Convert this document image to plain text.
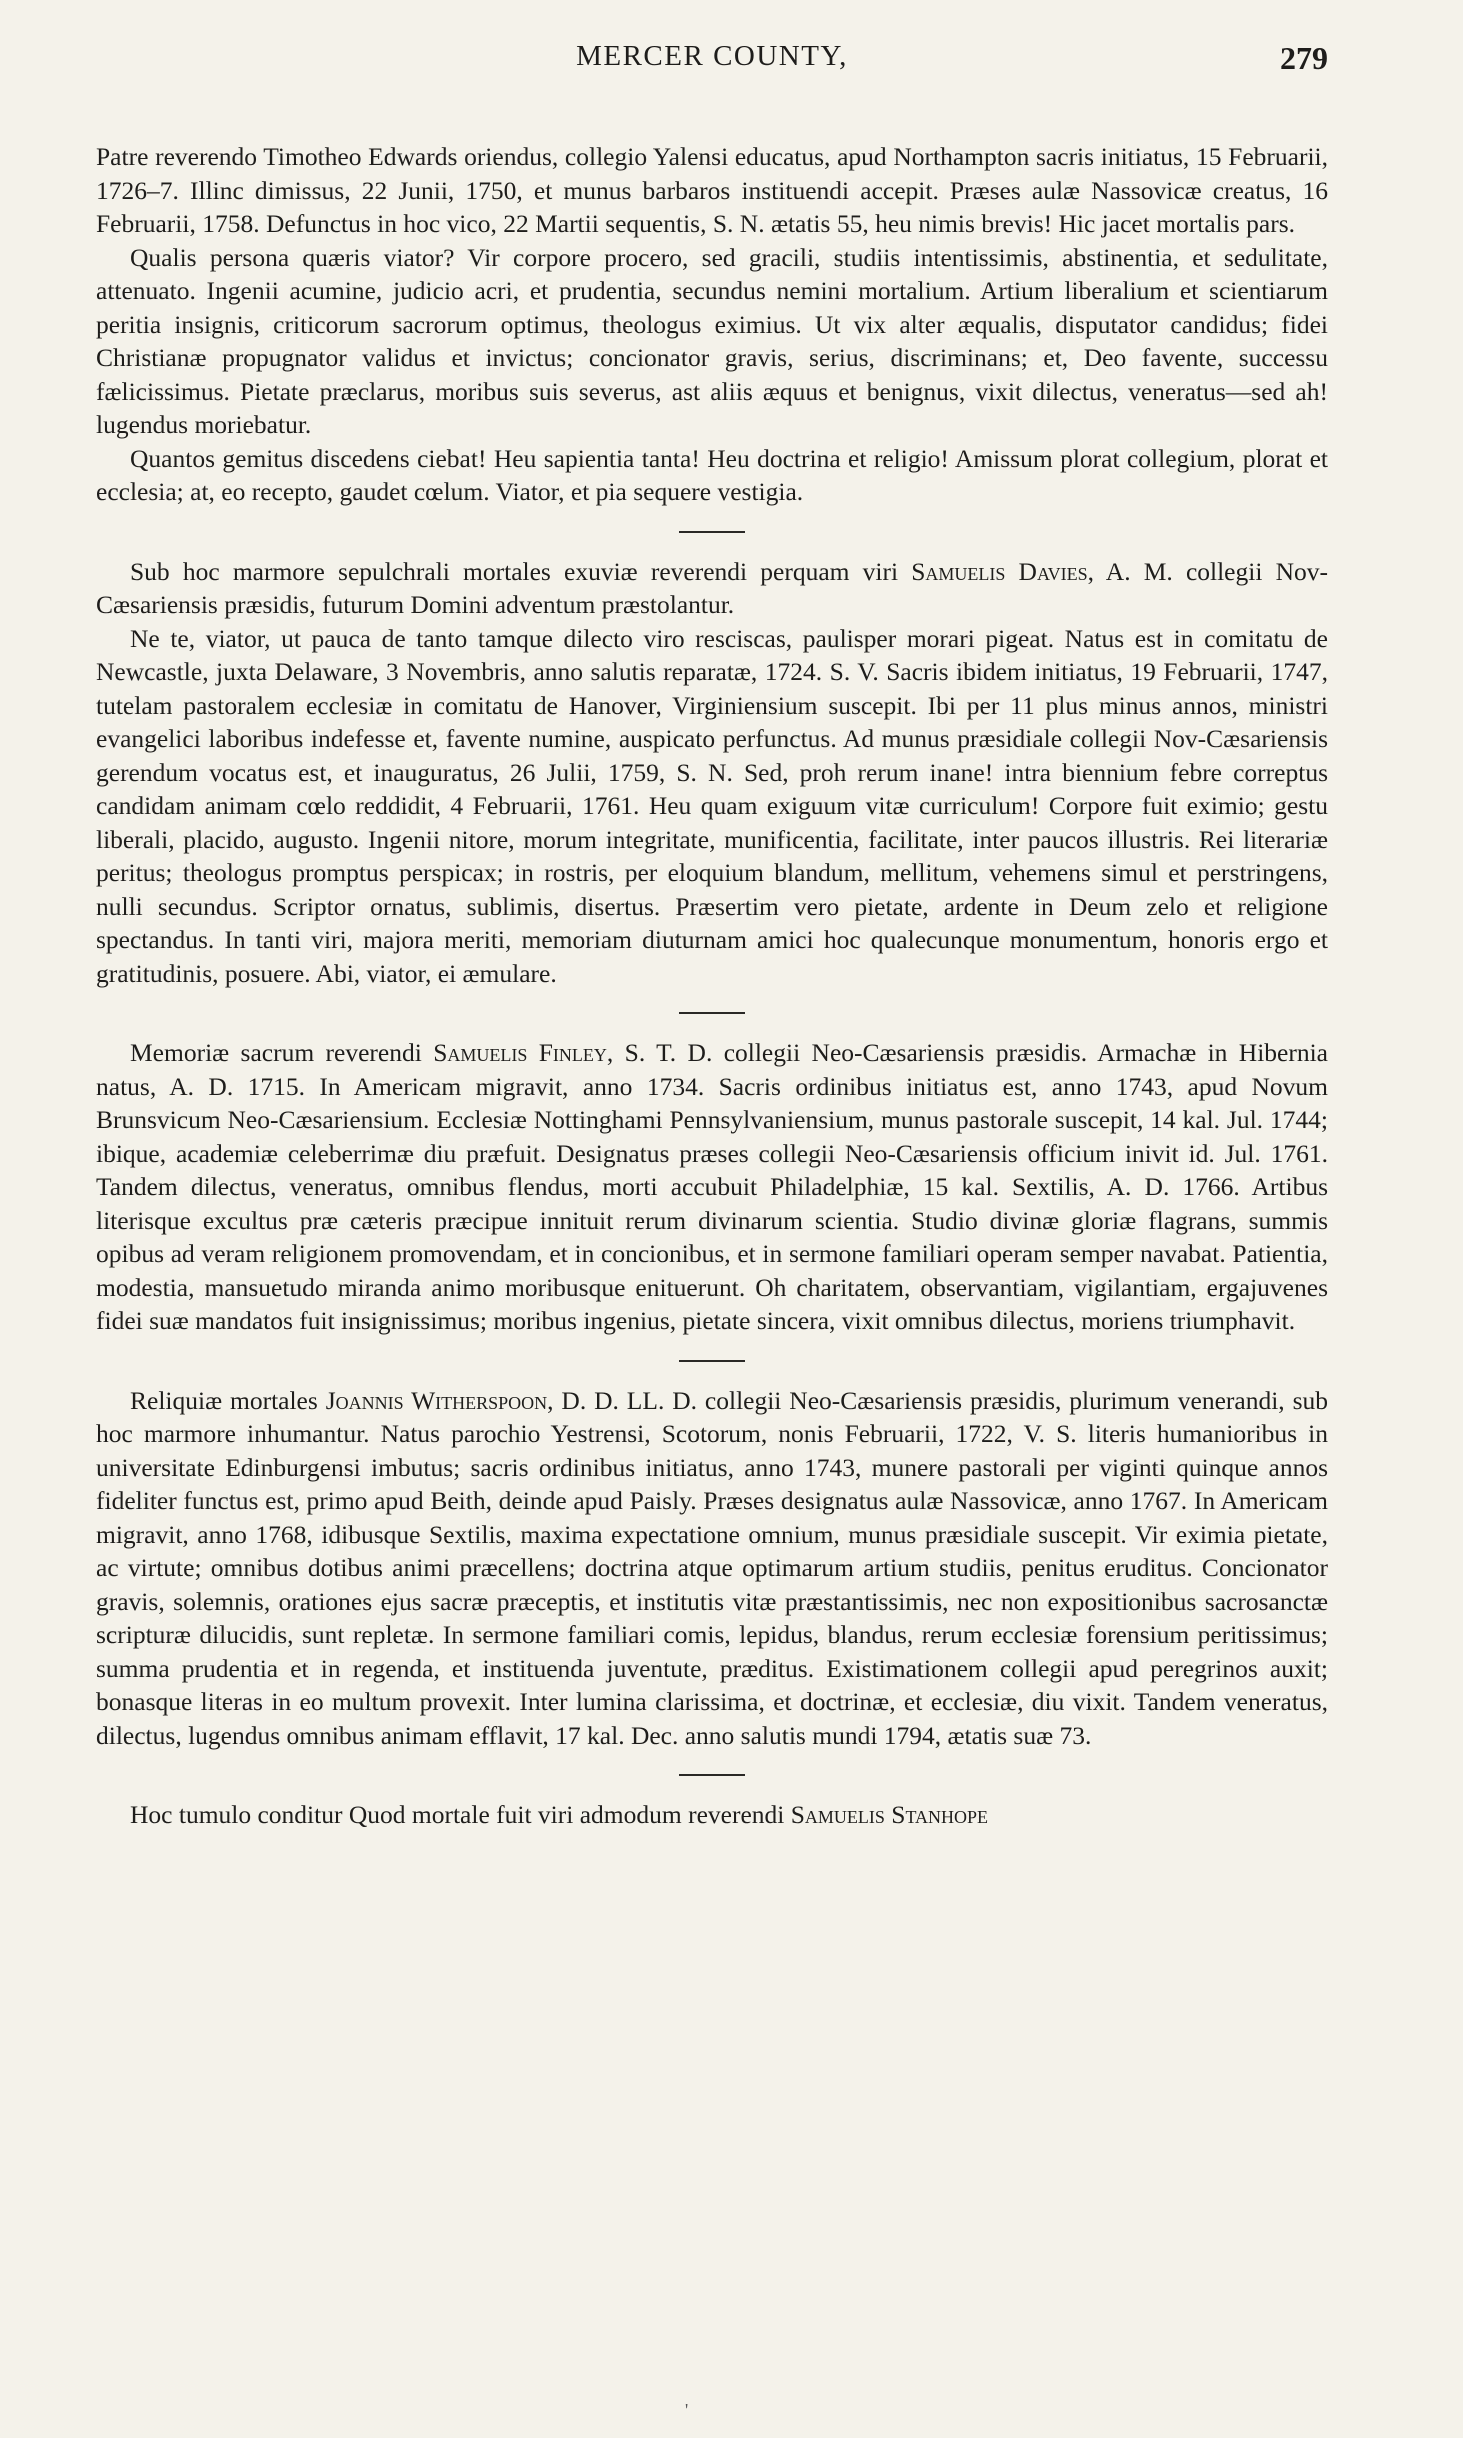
MERCER COUNTY,	279

Patre reverendo Timotheo Edwards oriendus, collegio Yalensi educatus, apud Northampton sacris initiatus, 15 Februarii, 1726–7. Illinc dimissus, 22 Junii, 1750, et munus barbaros instituendi accepit. Præses aulæ Nassovicæ creatus, 16 Februarii, 1758. Defunctus in hoc vico, 22 Martii sequentis, S. N. ætatis 55, heu nimis brevis! Hic jacet mortalis pars.

Qualis persona quæris viator? Vir corpore procero, sed gracili, studiis intentissimis, abstinentia, et sedulitate, attenuato. Ingenii acumine, judicio acri, et prudentia, secundus nemini mortalium. Artium liberalium et scientiarum peritia insignis, criticorum sacrorum optimus, theologus eximius. Ut vix alter æqualis, disputator candidus; fidei Christianæ propugnator validus et invictus; concionator gravis, serius, discriminans; et, Deo favente, successu fælicissimus. Pietate præclarus, moribus suis severus, ast aliis æquus et benignus, vixit dilectus, veneratus—sed ah! lugendus moriebatur.

Quantos gemitus discedens ciebat! Heu sapientia tanta! Heu doctrina et religio! Amissum plorat collegium, plorat et ecclesia; at, eo recepto, gaudet cœlum. Viator, et pia sequere vestigia.

Sub hoc marmore sepulchrali mortales exuviæ reverendi perquam viri Samuelis Davies, A. M. collegii Nov-Cæsariensis præsidis, futurum Domini adventum præstolantur.

Ne te, viator, ut pauca de tanto tamque dilecto viro resciscas, paulisper morari pigeat. Natus est in comitatu de Newcastle, juxta Delaware, 3 Novembris, anno salutis reparatæ, 1724. S. V. Sacris ibidem initiatus, 19 Februarii, 1747, tutelam pastoralem ecclesiæ in comitatu de Hanover, Virginiensium suscepit. Ibi per 11 plus minus annos, ministri evangelici laboribus indefesse et, favente numine, auspicato perfunctus. Ad munus præsidiale collegii Nov-Cæsariensis gerendum vocatus est, et inauguratus, 26 Julii, 1759, S. N. Sed, proh rerum inane! intra biennium febre correptus candidam animam cœlo reddidit, 4 Februarii, 1761. Heu quam exiguum vitæ curriculum! Corpore fuit eximio; gestu liberali, placido, augusto. Ingenii nitore, morum integritate, munificentia, facilitate, inter paucos illustris. Rei literariæ peritus; theologus promptus perspicax; in rostris, per eloquium blandum, mellitum, vehemens simul et perstringens, nulli secundus. Scriptor ornatus, sublimis, disertus. Præsertim vero pietate, ardente in Deum zelo et religione spectandus. In tanti viri, majora meriti, memoriam diuturnam amici hoc qualecunque monumentum, honoris ergo et gratitudinis, posuere. Abi, viator, ei æmulare.

Memoriæ sacrum reverendi Samuelis Finley, S. T. D. collegii Neo-Cæsariensis præsidis. Armachæ in Hibernia natus, A. D. 1715. In Americam migravit, anno 1734. Sacris ordinibus initiatus est, anno 1743, apud Novum Brunsvicum Neo-Cæsariensium. Ecclesiæ Nottinghami Pennsylvaniensium, munus pastorale suscepit, 14 kal. Jul. 1744; ibique, academiæ celeberrimæ diu præfuit. Designatus præses collegii Neo-Cæsariensis officium inivit id. Jul. 1761. Tandem dilectus, veneratus, omnibus flendus, morti accubuit Philadelphiæ, 15 kal. Sextilis, A. D. 1766. Artibus literisque excultus præ cæteris præcipue innituit rerum divinarum scientia. Studio divinæ gloriæ flagrans, summis opibus ad veram religionem promovendam, et in concionibus, et in sermone familiari operam semper navabat. Patientia, modestia, mansuetudo miranda animo moribusque enituerunt. Oh charitatem, observantiam, vigilantiam, ergajuvenes fidei suæ mandatos fuit insignissimus; moribus ingenius, pietate sincera, vixit omnibus dilectus, moriens triumphavit.

Reliquiæ mortales Joannis Witherspoon, D. D. LL. D. collegii Neo-Cæsariensis præsidis, plurimum venerandi, sub hoc marmore inhumantur. Natus parochio Yestrensi, Scotorum, nonis Februarii, 1722, V. S. literis humanioribus in universitate Edinburgensi imbutus; sacris ordinibus initiatus, anno 1743, munere pastorali per viginti quinque annos fideliter functus est, primo apud Beith, deinde apud Paisly. Præses designatus aulæ Nassovicæ, anno 1767. In Americam migravit, anno 1768, idibusque Sextilis, maxima expectatione omnium, munus præsidiale suscepit. Vir eximia pietate, ac virtute; omnibus dotibus animi præcellens; doctrina atque optimarum artium studiis, penitus eruditus. Concionator gravis, solemnis, orationes ejus sacræ præceptis, et institutis vitæ præstantissimis, nec non expositionibus sacrosanctæ scripturæ dilucidis, sunt repletæ. In sermone familiari comis, lepidus, blandus, rerum ecclesiæ forensium peritissimus; summa prudentia et in regenda, et instituenda juventute, præditus. Existimationem collegii apud peregrinos auxit; bonasque literas in eo multum provexit. Inter lumina clarissima, et doctrinæ, et ecclesiæ, diu vixit. Tandem veneratus, dilectus, lugendus omnibus animam efflavit, 17 kal. Dec. anno salutis mundi 1794, ætatis suæ 73.

Hoc tumulo conditur Quod mortale fuit viri admodum reverendi Samuelis Stanhope

'
